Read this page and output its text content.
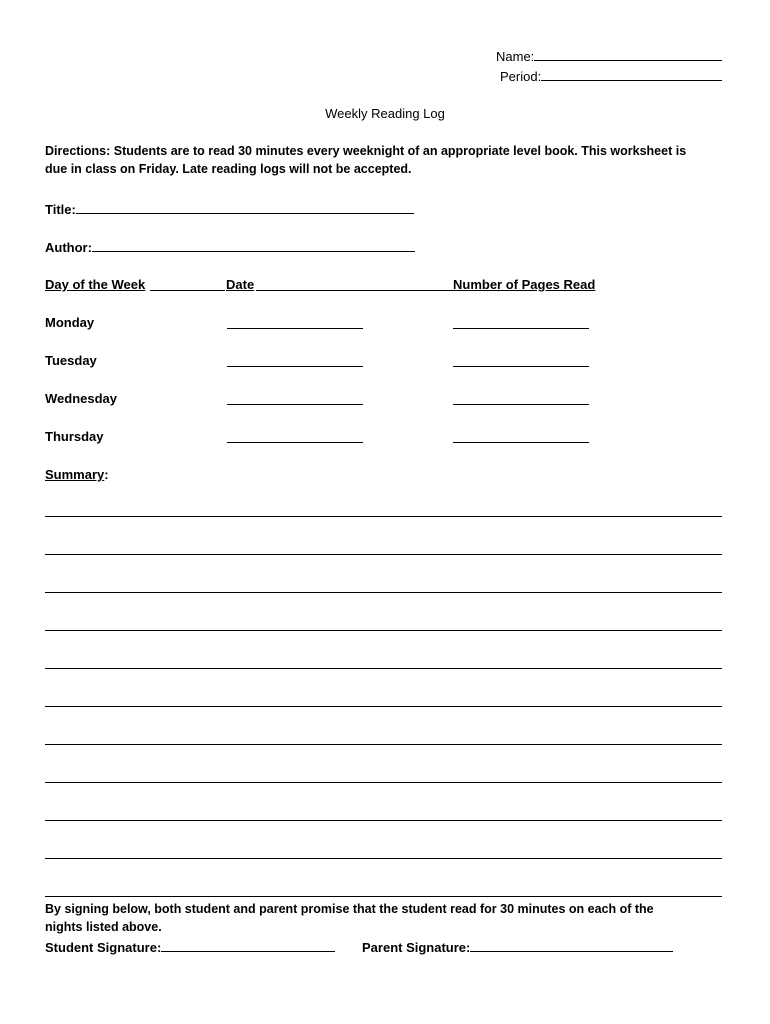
Name:
Period:
Weekly Reading Log
Directions: Students are to read 30 minutes every weeknight of an appropriate level book. This worksheet is
due in class on Friday. Late reading logs will not be accepted.
Title:
Author:
Day of the Week	Date	Number of Pages Read
Monday
Tuesday
Wednesday
Thursday
Summary:
By signing below, both student and parent promise that the student read for 30 minutes on each of the
nights listed above.
Student Signature:	Parent Signature:
